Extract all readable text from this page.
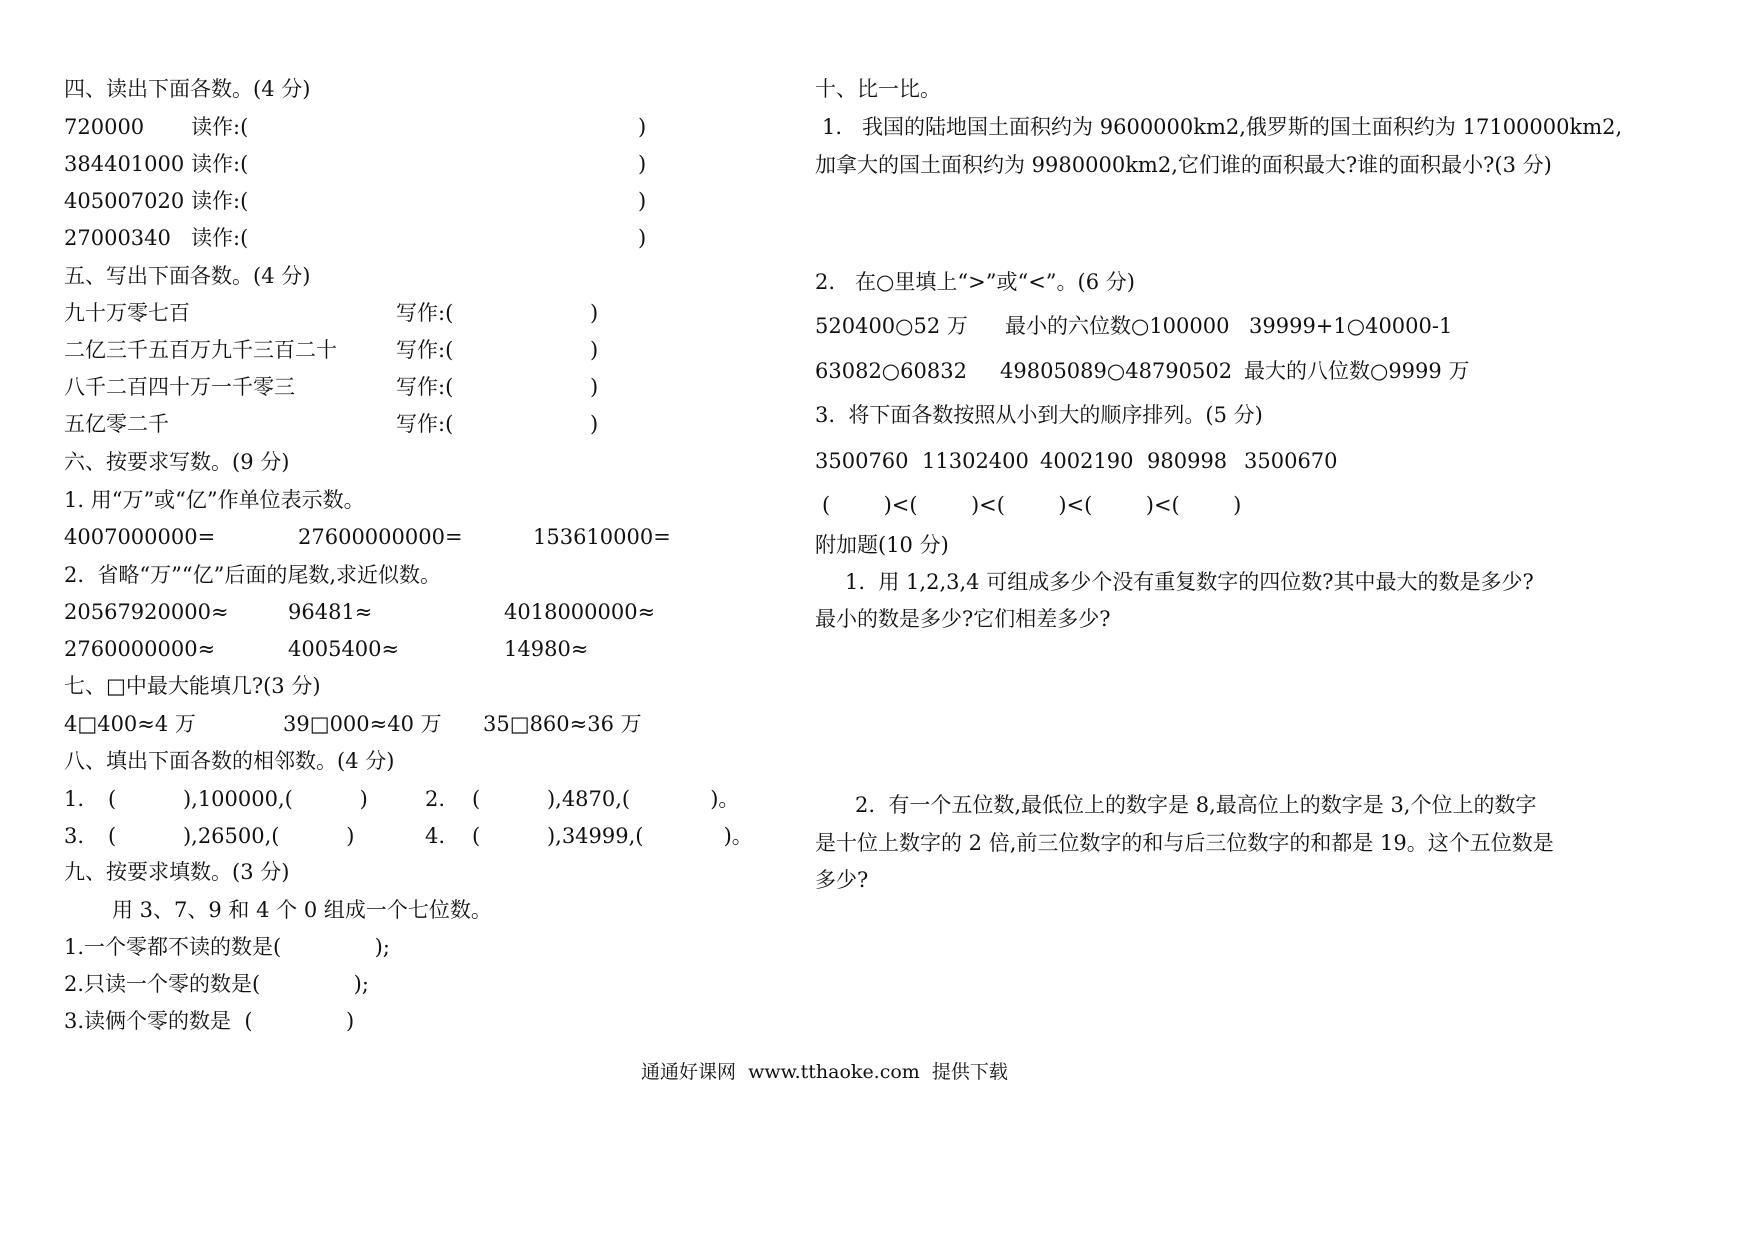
四、读出下面各数。(4 分)
720000 读作:(	)
384401000 读作:(	)
405007020 读作:(	)
27000340 读作:(	)
五、写出下面各数。(4 分)
九十万零七百	写作:(	)
二亿三千五百万九千三百二十	写作:(	)
八千二百四十万一千零三	写作:(	)
五亿零二千	写作:(	)
六、按要求写数。(9 分)
1. 用“万”或“亿”作单位表示数。
4007000000=	27600000000=	153610000=
2.  省略“万”“亿”后面的尾数,求近似数。
20567920000≈	96481≈	4018000000≈
2760000000≈	4005400≈	14980≈
七、□中最大能填几?(3 分)
4□400≈4 万	39□000≈40 万 35□860≈36 万
八、填出下面各数的相邻数。(4 分)
1. (          ),100000,(          )	2. (          ),4870,(            )。
3. (          ),26500,(          )	4. (          ),34999,(            )。
九、按要求填数。(3 分)
用 3、7、9 和 4 个 0 组成一个七位数。
1.一个零都不读的数是(              );
2.只读一个零的数是(              );
3.读俩个零的数是  (              )
十、比一比。
1.   我国的陆地国土面积约为 9600000km2,俄罗斯的国土面积约为 17100000km2,
加拿大的国土面积约为 9980000km2,它们谁的面积最大?谁的面积最小?(3 分)
2.   在○里填上“>”或“<”。(6 分)
520400○52 万 最小的六位数○100000 39999+1○40000-1
63082○60832 49805089○48790502 最大的八位数○9999 万
3.  将下面各数按照从小到大的顺序排列。(5 分)
3500760 11302400 4002190 980998 3500670
(        )<(        )<(        )<(        )<(        )
附加题(10 分)
1.  用 1,2,3,4 可组成多少个没有重复数字的四位数?其中最大的数是多少?
最小的数是多少?它们相差多少?
2.  有一个五位数,最低位上的数字是 8,最高位上的数字是 3,个位上的数字
是十位上数字的 2 倍,前三位数字的和与后三位数字的和都是 19。这个五位数是
多少?
通通好课网  www.tthaoke.com  提供下载
